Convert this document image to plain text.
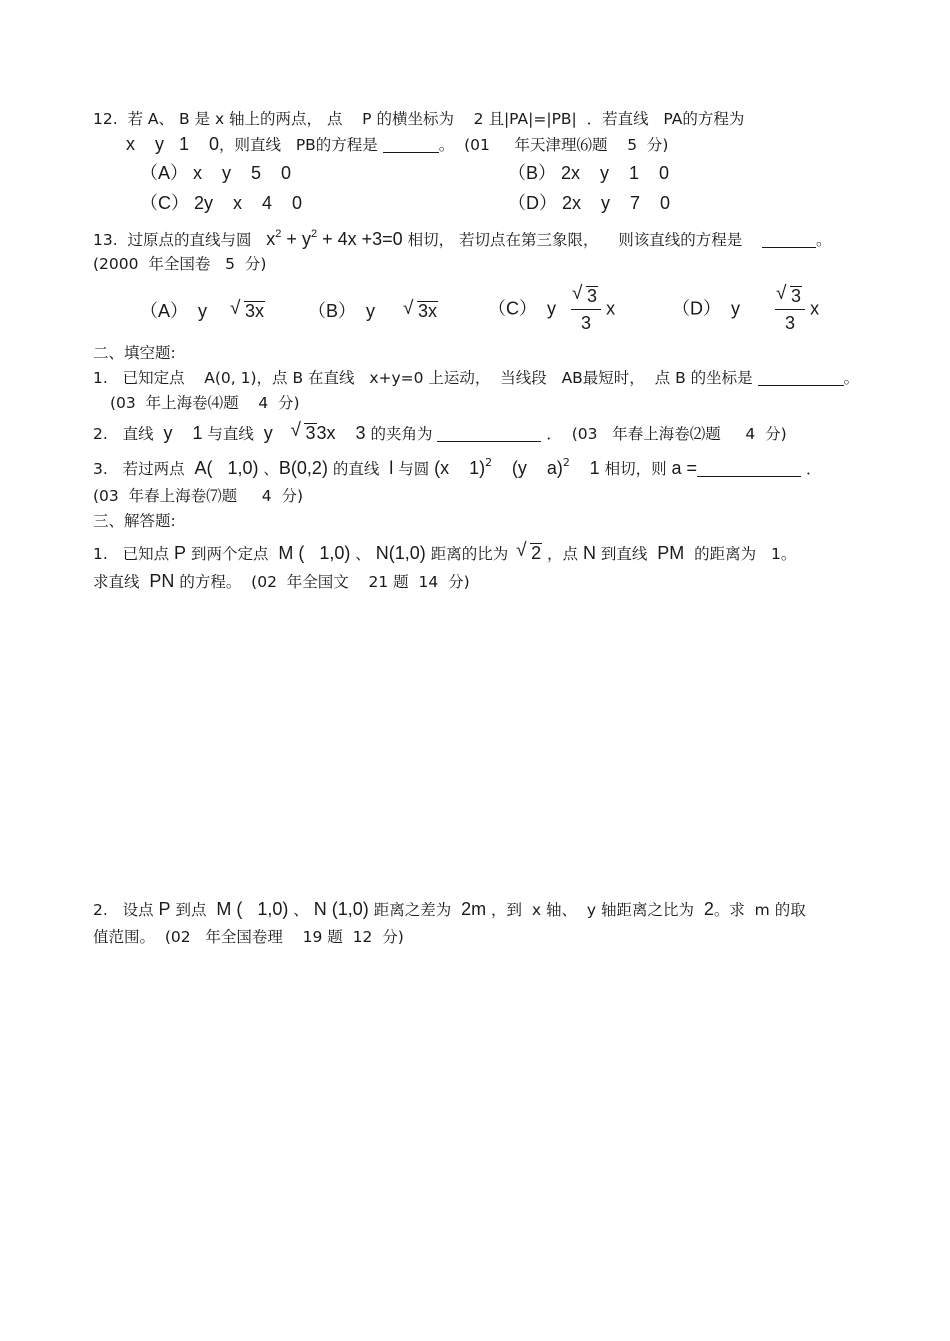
12.  若 A、 B 是 x 轴上的两点， 点    P 的横坐标为    2 且|PA|=|PB|  ．若直线   PA的方程为
x    y   1    0，则直线   PB的方程是	。  (01     年天津理⑹题    5  分)
（A） x    y    5    0	（B） 2x    y    1    0
（C） 2y    x    4    0	（D） 2x    y    7    0
13.  过原点的直线与圆 $x^2 + y^2 + 4x +3=0$ 相切， 若切点在第三象限，    则该直线的方程是	。
(2000  年全国卷   5  分)
（A）  y √ 3x （B）  y √ 3x	（C）  y √ $\frac{3}{3}$ x	（D）  y √ $\frac{3}{3}$ x
二、填空题:
1.   已知定点    A(0, 1)，点 B 在直线   x+y=0 上运动，  当线段   AB最短时，  点 B 的坐标是	。
(03  年上海卷⑷题    4  分)
2.   直线 y    1 与直线 y √ 33x    3 的夹角为	．  (03   年春上海卷⑵题     4  分)
3.   若过两点 A(   1,0) 、B(0,2) 的直线 l 与圆 (x    1)$^2$ (y    a)$^2$ 1 相切，则 a =	．
(03  年春上海卷⑺题     4  分)
三、解答题:
1.   已知点 P 到两个定点 M (   1,0) 、 N(1,0) 距离的比为 √ 2 ，点 N 到直线 PM 的距离为 1。
求直线 PN 的方程。  (02  年全国文    21 题  14  分)
2.   设点 P 到点 M (   1,0) 、 N (1,0) 距离之差为 2m ，到  x 轴、  y 轴距离之比为 2。求  m 的取
值范围。  (02   年全国卷理    19 题  12  分)
